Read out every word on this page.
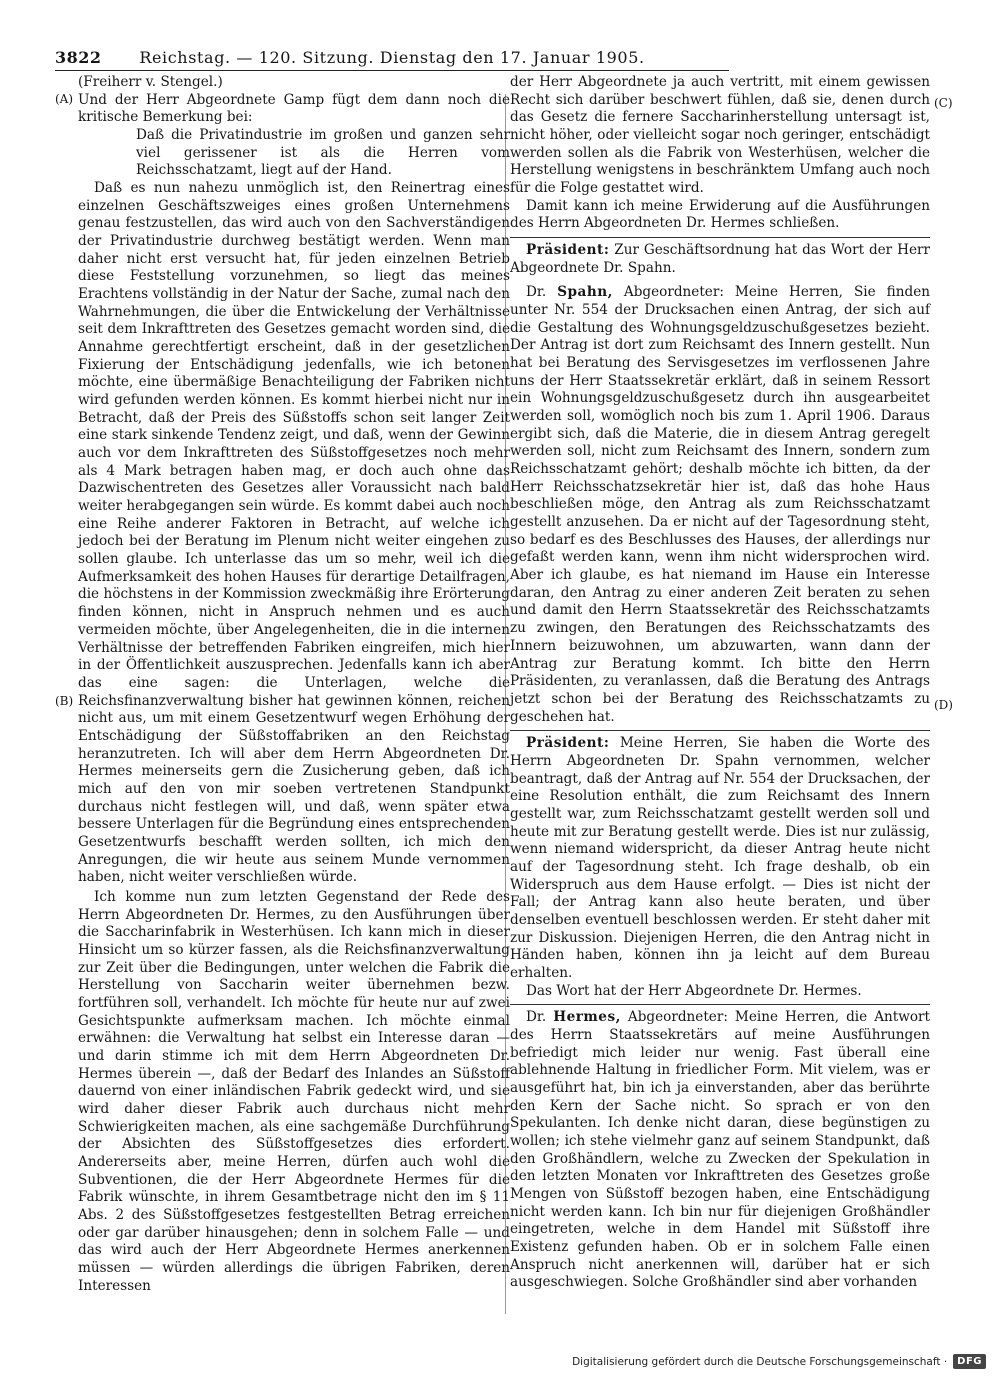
3822	Reichstag. — 120. Sitzung. Dienstag den 17. Januar 1905.
(A)
(B)
(C)
(D)

(Freiherr v. Stengel.)

Und der Herr Abgeordnete Gamp fügt dem dann noch die kritische Bemerkung bei:

Daß die Privatindustrie im großen und ganzen sehr viel gerissener ist als die Herren vom Reichsschatzamt, liegt auf der Hand.

Daß es nun nahezu unmöglich ist, den Reinertrag eines einzelnen Geschäftszweiges eines großen Unternehmens genau festzustellen, das wird auch von den Sachverständigen der Privatindustrie durchweg bestätigt werden. Wenn man daher nicht erst versucht hat, für jeden einzelnen Betrieb diese Feststellung vorzunehmen, so liegt das meines Erachtens vollständig in der Natur der Sache, zumal nach den Wahrnehmungen, die über die Entwickelung der Verhältnisse seit dem Inkrafttreten des Gesetzes gemacht worden sind, die Annahme gerechtfertigt erscheint, daß in der gesetzlichen Fixierung der Entschädigung jedenfalls, wie ich betonen möchte, eine übermäßige Benachteiligung der Fabriken nicht wird gefunden werden können. Es kommt hierbei nicht nur in Betracht, daß der Preis des Süßstoffs schon seit langer Zeit eine stark sinkende Tendenz zeigt, und daß, wenn der Gewinn auch vor dem Inkrafttreten des Süßstoffgesetzes noch mehr als 4 Mark betragen haben mag, er doch auch ohne das Dazwischentreten des Gesetzes aller Voraussicht nach bald weiter herabgegangen sein würde. Es kommt dabei auch noch eine Reihe anderer Faktoren in Betracht, auf welche ich jedoch bei der Beratung im Plenum nicht weiter eingehen zu sollen glaube. Ich unterlasse das um so mehr, weil ich die Aufmerksamkeit des hohen Hauses für derartige Detailfragen, die höchstens in der Kommission zweckmäßig ihre Erörterung finden können, nicht in Anspruch nehmen und es auch vermeiden möchte, über Angelegenheiten, die in die internen Verhältnisse der betreffenden Fabriken eingreifen, mich hier in der Öffentlichkeit auszusprechen. Jedenfalls kann ich aber das eine sagen: die Unterlagen, welche die Reichsfinanzverwaltung bisher hat gewinnen können, reichen nicht aus, um mit einem Gesetzentwurf wegen Erhöhung der Entschädigung der Süßstoffabriken an den Reichstag heranzutreten. Ich will aber dem Herrn Abgeordneten Dr. Hermes meinerseits gern die Zusicherung geben, daß ich mich auf den von mir soeben vertretenen Standpunkt durchaus nicht festlegen will, und daß, wenn später etwa bessere Unterlagen für die Begründung eines entsprechenden Gesetzentwurfs beschafft werden sollten, ich mich den Anregungen, die wir heute aus seinem Munde vernommen haben, nicht weiter verschließen würde.

Ich komme nun zum letzten Gegenstand der Rede des Herrn Abgeordneten Dr. Hermes, zu den Ausführungen über die Saccharinfabrik in Westerhüsen. Ich kann mich in dieser Hinsicht um so kürzer fassen, als die Reichsfinanzverwaltung zur Zeit über die Bedingungen, unter welchen die Fabrik die Herstellung von Saccharin weiter übernehmen bezw. fortführen soll, verhandelt. Ich möchte für heute nur auf zwei Gesichtspunkte aufmerksam machen. Ich möchte einmal erwähnen: die Verwaltung hat selbst ein Interesse daran — und darin stimme ich mit dem Herrn Abgeordneten Dr. Hermes überein —, daß der Bedarf des Inlandes an Süßstoff dauernd von einer inländischen Fabrik gedeckt wird, und sie wird daher dieser Fabrik auch durchaus nicht mehr Schwierigkeiten machen, als eine sachgemäße Durchführung der Absichten des Süßstoffgesetzes dies erfordert. Andererseits aber, meine Herren, dürfen auch wohl die Subventionen, die der Herr Abgeordnete Hermes für die Fabrik wünschte, in ihrem Gesamtbetrage nicht den im § 11 Abs. 2 des Süßstoffgesetzes festgestellten Betrag erreichen oder gar darüber hinausgehen; denn in solchem Falle — und das wird auch der Herr Abgeordnete Hermes anerkennen müssen — würden allerdings die übrigen Fabriken, deren Interessen

der Herr Abgeordnete ja auch vertritt, mit einem gewissen Recht sich darüber beschwert fühlen, daß sie, denen durch das Gesetz die fernere Saccharinherstellung untersagt ist, nicht höher, oder vielleicht sogar noch geringer, entschädigt werden sollen als die Fabrik von Westerhüsen, welcher die Herstellung wenigstens in beschränktem Umfang auch noch für die Folge gestattet wird.

Damit kann ich meine Erwiderung auf die Ausführungen des Herrn Abgeordneten Dr. Hermes schließen.

Präsident: Zur Geschäftsordnung hat das Wort der Herr Abgeordnete Dr. Spahn.

Dr. Spahn, Abgeordneter: Meine Herren, Sie finden unter Nr. 554 der Drucksachen einen Antrag, der sich auf die Gestaltung des Wohnungsgeldzuschußgesetzes bezieht. Der Antrag ist dort zum Reichsamt des Innern gestellt. Nun hat bei Beratung des Servisgesetzes im verflossenen Jahre uns der Herr Staatssekretär erklärt, daß in seinem Ressort ein Wohnungsgeldzuschußgesetz durch ihn ausgearbeitet werden soll, womöglich noch bis zum 1. April 1906. Daraus ergibt sich, daß die Materie, die in diesem Antrag geregelt werden soll, nicht zum Reichsamt des Innern, sondern zum Reichsschatzamt gehört; deshalb möchte ich bitten, da der Herr Reichsschatzsekretär hier ist, daß das hohe Haus beschließen möge, den Antrag als zum Reichsschatzamt gestellt anzusehen. Da er nicht auf der Tagesordnung steht, so bedarf es des Beschlusses des Hauses, der allerdings nur gefaßt werden kann, wenn ihm nicht widersprochen wird. Aber ich glaube, es hat niemand im Hause ein Interesse daran, den Antrag zu einer anderen Zeit beraten zu sehen und damit den Herrn Staatssekretär des Reichsschatzamts zu zwingen, den Beratungen des Reichsschatzamts des Innern beizuwohnen, um abzuwarten, wann dann der Antrag zur Beratung kommt. Ich bitte den Herrn Präsidenten, zu veranlassen, daß die Beratung des Antrags jetzt schon bei der Beratung des Reichsschatzamts zu geschehen hat.

Präsident: Meine Herren, Sie haben die Worte des Herrn Abgeordneten Dr. Spahn vernommen, welcher beantragt, daß der Antrag auf Nr. 554 der Drucksachen, der eine Resolution enthält, die zum Reichsamt des Innern gestellt war, zum Reichsschatzamt gestellt werden soll und heute mit zur Beratung gestellt werde. Dies ist nur zulässig, wenn niemand widerspricht, da dieser Antrag heute nicht auf der Tagesordnung steht. Ich frage deshalb, ob ein Widerspruch aus dem Hause erfolgt. — Dies ist nicht der Fall; der Antrag kann also heute beraten, und über denselben eventuell beschlossen werden. Er steht daher mit zur Diskussion. Diejenigen Herren, die den Antrag nicht in Händen haben, können ihn ja leicht auf dem Bureau erhalten.

Das Wort hat der Herr Abgeordnete Dr. Hermes.

Dr. Hermes, Abgeordneter: Meine Herren, die Antwort des Herrn Staatssekretärs auf meine Ausführungen befriedigt mich leider nur wenig. Fast überall eine ablehnende Haltung in friedlicher Form. Mit vielem, was er ausgeführt hat, bin ich ja einverstanden, aber das berührte den Kern der Sache nicht. So sprach er von den Spekulanten. Ich denke nicht daran, diese begünstigen zu wollen; ich stehe vielmehr ganz auf seinem Standpunkt, daß den Großhändlern, welche zu Zwecken der Spekulation in den letzten Monaten vor Inkrafttreten des Gesetzes große Mengen von Süßstoff bezogen haben, eine Entschädigung nicht werden kann. Ich bin nur für diejenigen Großhändler eingetreten, welche in dem Handel mit Süßstoff ihre Existenz gefunden haben. Ob er in solchem Falle einen Anspruch nicht anerkennen will, darüber hat er sich ausgeschwiegen. Solche Großhändler sind aber vorhanden

Digitalisierung gefördert durch die Deutsche Forschungsgemeinschaft ·	DFG
